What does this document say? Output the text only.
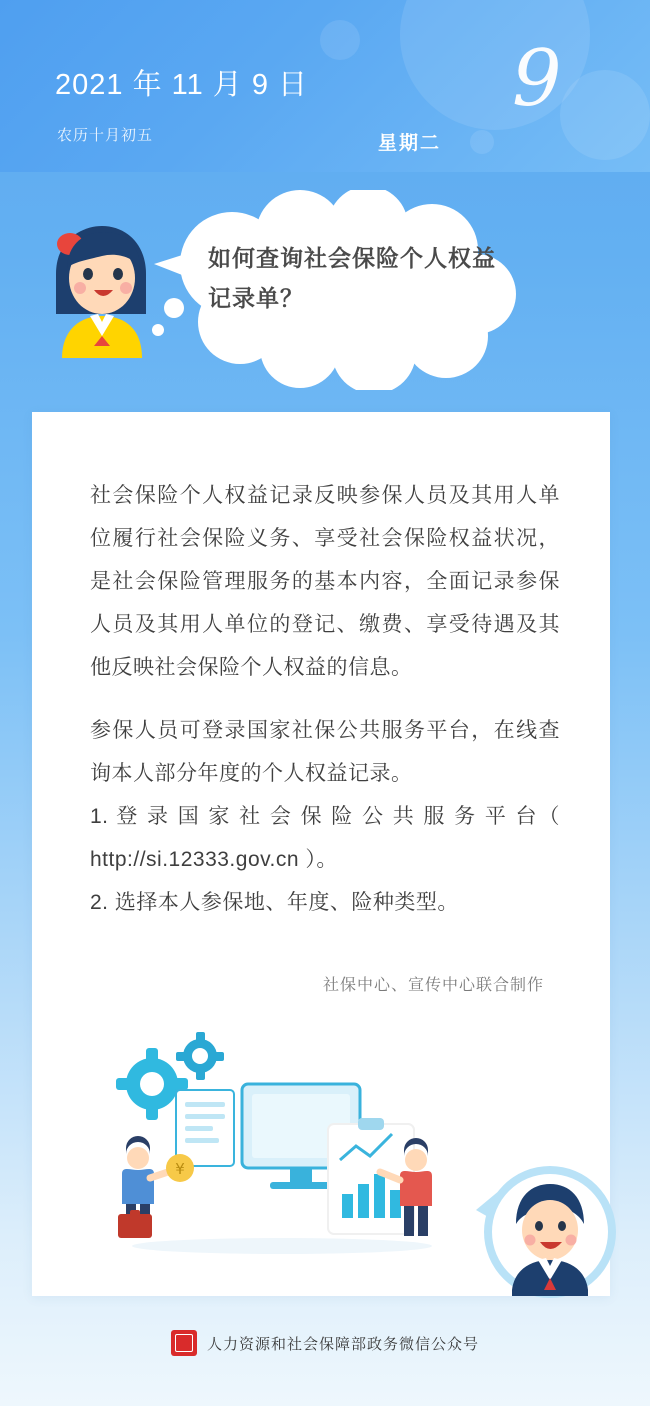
2021 年 11 月 9 日
农历十月初五	星期二
9
如何查询社会保险个人权益记录单？

社会保险个人权益记录反映参保人员及其用人单位履行社会保险义务、享受社会保险权益状况，是社会保险管理服务的基本内容，全面记录参保人员及其用人单位的登记、缴费、享受待遇及其他反映社会保险个人权益的信息。

参保人员可登录国家社保公共服务平台，在线查询本人部分年度的个人权益记录。

1. 登 录 国 家 社 会 保 险 公 共 服 务 平 台（ http://si.12333.gov.cn ）。

2. 选择本人参保地、年度、险种类型。

社保中心、宣传中心联合制作
¥
人力资源和社会保障部政务微信公众号
